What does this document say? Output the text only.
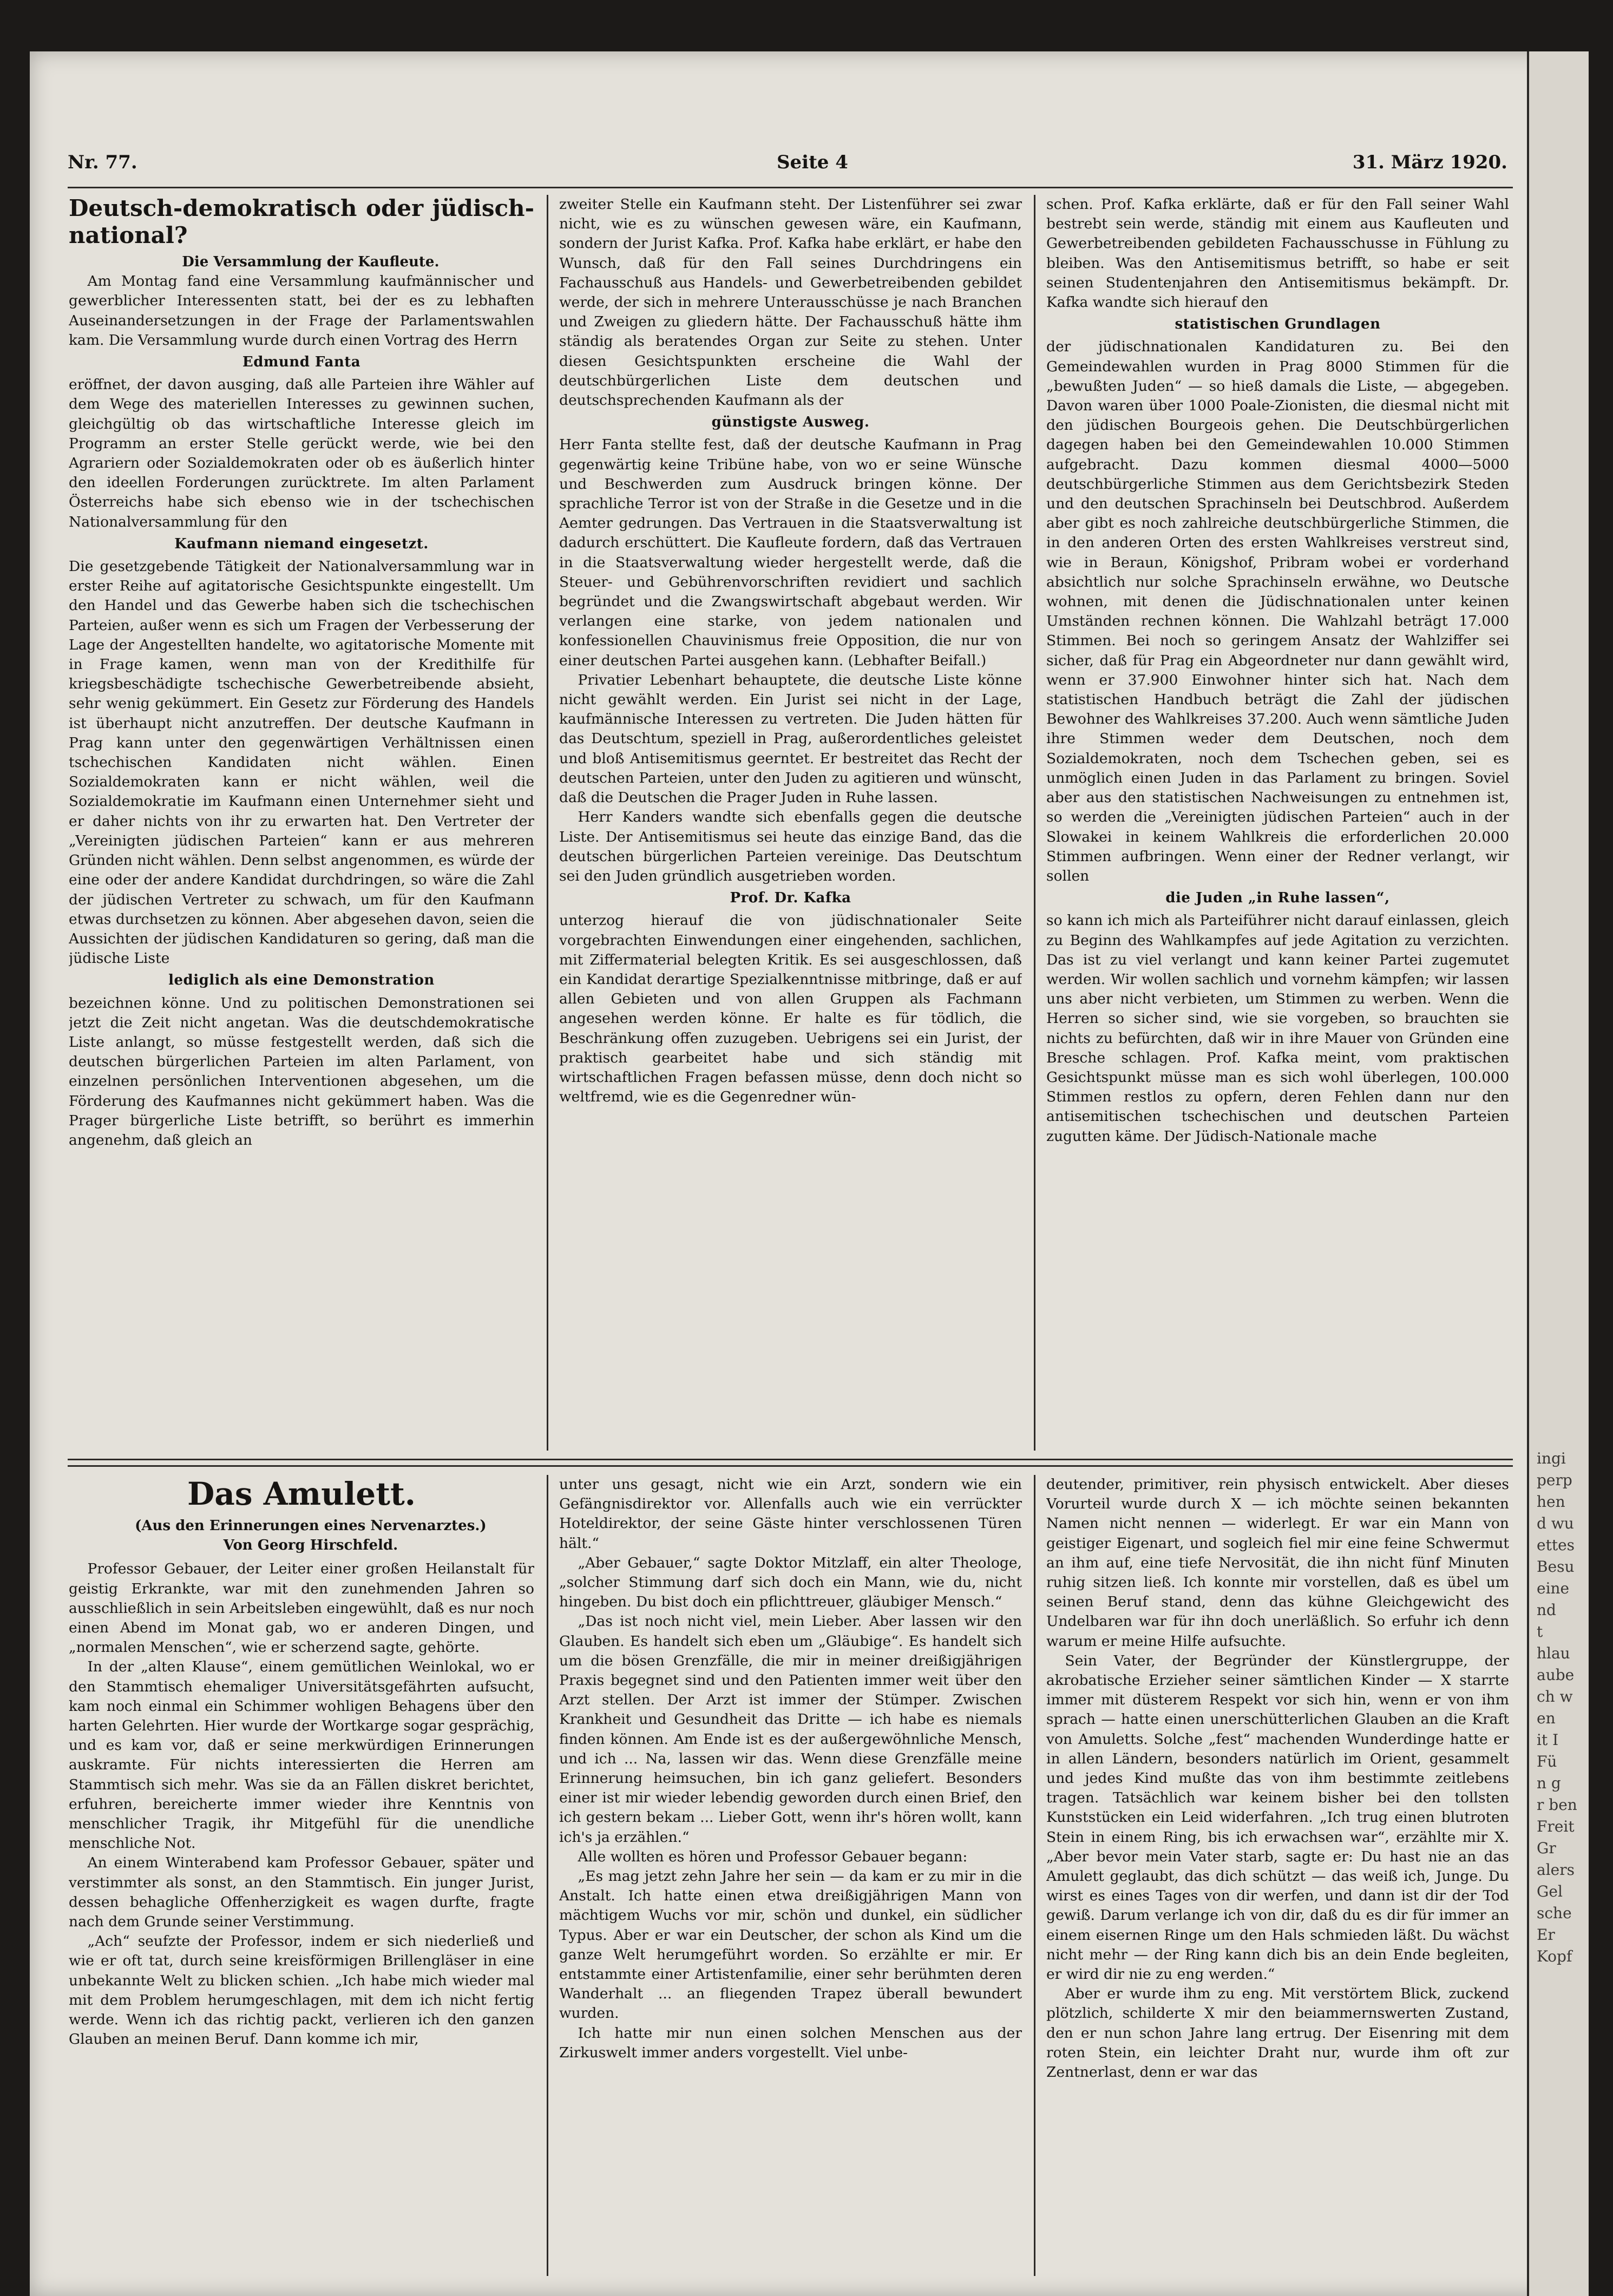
Nr. 77.	Seite 4	31. März 1920.
Deutsch-demokratisch oder jüdisch-national?

Die Versammlung der Kaufleute.

Am Montag fand eine Versammlung kaufmännischer und gewerblicher Interessenten statt, bei der es zu lebhaften Auseinandersetzungen in der Frage der Parlamentswahlen kam. Die Versammlung wurde durch einen Vortrag des Herrn

Edmund Fanta

eröffnet, der davon ausging, daß alle Parteien ihre Wähler auf dem Wege des materiellen Interesses zu gewinnen suchen, gleichgültig ob das wirtschaftliche Interesse gleich im Programm an erster Stelle gerückt werde, wie bei den Agrariern oder Sozialdemokraten oder ob es äußerlich hinter den ideellen Forderungen zurücktrete. Im alten Parlament Österreichs habe sich ebenso wie in der tschechischen Nationalversammlung für den

Kaufmann niemand eingesetzt.

Die gesetzgebende Tätigkeit der Nationalversammlung war in erster Reihe auf agitatorische Gesichtspunkte eingestellt. Um den Handel und das Gewerbe haben sich die tschechischen Parteien, außer wenn es sich um Fragen der Verbesserung der Lage der Angestellten handelte, wo agitatorische Momente mit in Frage kamen, wenn man von der Kredithilfe für kriegsbeschädigte tschechische Gewerbetreibende absieht, sehr wenig gekümmert. Ein Gesetz zur Förderung des Handels ist überhaupt nicht anzutreffen. Der deutsche Kaufmann in Prag kann unter den gegenwärtigen Verhältnissen einen tschechischen Kandidaten nicht wählen. Einen Sozialdemokraten kann er nicht wählen, weil die Sozialdemokratie im Kaufmann einen Unternehmer sieht und er daher nichts von ihr zu erwarten hat. Den Vertreter der „Vereinigten jüdischen Parteien“ kann er aus mehreren Gründen nicht wählen. Denn selbst angenommen, es würde der eine oder der andere Kandidat durchdringen, so wäre die Zahl der jüdischen Vertreter zu schwach, um für den Kaufmann etwas durchsetzen zu können. Aber abgesehen davon, seien die Aussichten der jüdischen Kandidaturen so gering, daß man die jüdische Liste

lediglich als eine Demonstration

bezeichnen könne. Und zu politischen Demonstrationen sei jetzt die Zeit nicht angetan. Was die deutschdemokratische Liste anlangt, so müsse festgestellt werden, daß sich die deutschen bürgerlichen Parteien im alten Parlament, von einzelnen persönlichen Interventionen abgesehen, um die Förderung des Kaufmannes nicht gekümmert haben. Was die Prager bürgerliche Liste betrifft, so berührt es immerhin angenehm, daß gleich an

zweiter Stelle ein Kaufmann steht. Der Listenführer sei zwar nicht, wie es zu wünschen gewesen wäre, ein Kaufmann, sondern der Jurist Kafka. Prof. Kafka habe erklärt, er habe den Wunsch, daß für den Fall seines Durchdringens ein Fachausschuß aus Handels- und Gewerbetreibenden gebildet werde, der sich in mehrere Unterausschüsse je nach Branchen und Zweigen zu gliedern hätte. Der Fachausschuß hätte ihm ständig als beratendes Organ zur Seite zu stehen. Unter diesen Gesichtspunkten erscheine die Wahl der deutschbürgerlichen Liste dem deutschen und deutschsprechenden Kaufmann als der

günstigste Ausweg.

Herr Fanta stellte fest, daß der deutsche Kaufmann in Prag gegenwärtig keine Tribüne habe, von wo er seine Wünsche und Beschwerden zum Ausdruck bringen könne. Der sprachliche Terror ist von der Straße in die Gesetze und in die Aemter gedrungen. Das Vertrauen in die Staatsverwaltung ist dadurch erschüttert. Die Kaufleute fordern, daß das Vertrauen in die Staatsverwaltung wieder hergestellt werde, daß die Steuer- und Gebührenvorschriften revidiert und sachlich begründet und die Zwangswirtschaft abgebaut werden. Wir verlangen eine starke, von jedem nationalen und konfessionellen Chauvinismus freie Opposition, die nur von einer deutschen Partei ausgehen kann. (Lebhafter Beifall.)

Privatier Lebenhart behauptete, die deutsche Liste könne nicht gewählt werden. Ein Jurist sei nicht in der Lage, kaufmännische Interessen zu vertreten. Die Juden hätten für das Deutschtum, speziell in Prag, außerordentliches geleistet und bloß Antisemitismus geerntet. Er bestreitet das Recht der deutschen Parteien, unter den Juden zu agitieren und wünscht, daß die Deutschen die Prager Juden in Ruhe lassen.

Herr Kanders wandte sich ebenfalls gegen die deutsche Liste. Der Antisemitismus sei heute das einzige Band, das die deutschen bürgerlichen Parteien vereinige. Das Deutschtum sei den Juden gründlich ausgetrieben worden.

Prof. Dr. Kafka

unterzog hierauf die von jüdischnationaler Seite vorgebrachten Einwendungen einer eingehenden, sachlichen, mit Ziffermaterial belegten Kritik. Es sei ausgeschlossen, daß ein Kandidat derartige Spezialkenntnisse mitbringe, daß er auf allen Gebieten und von allen Gruppen als Fachmann angesehen werden könne. Er halte es für tödlich, die Beschränkung offen zuzugeben. Uebrigens sei ein Jurist, der praktisch gearbeitet habe und sich ständig mit wirtschaftlichen Fragen befassen müsse, denn doch nicht so weltfremd, wie es die Gegenredner wün-

schen. Prof. Kafka erklärte, daß er für den Fall seiner Wahl bestrebt sein werde, ständig mit einem aus Kaufleuten und Gewerbetreibenden gebildeten Fachausschusse in Fühlung zu bleiben. Was den Antisemitismus betrifft, so habe er seit seinen Studentenjahren den Antisemitismus bekämpft. Dr. Kafka wandte sich hierauf den

statistischen Grundlagen

der jüdischnationalen Kandidaturen zu. Bei den Gemeindewahlen wurden in Prag 8000 Stimmen für die „bewußten Juden“ — so hieß damals die Liste, — abgegeben. Davon waren über 1000 Poale-Zionisten, die diesmal nicht mit den jüdischen Bourgeois gehen. Die Deutschbürgerlichen dagegen haben bei den Gemeindewahlen 10.000 Stimmen aufgebracht. Dazu kommen diesmal 4000—5000 deutschbürgerliche Stimmen aus dem Gerichtsbezirk Steden und den deutschen Sprachinseln bei Deutschbrod. Außerdem aber gibt es noch zahlreiche deutschbürgerliche Stimmen, die in den anderen Orten des ersten Wahlkreises verstreut sind, wie in Beraun, Königshof, Pribram wobei er vorderhand absichtlich nur solche Sprachinseln erwähne, wo Deutsche wohnen, mit denen die Jüdischnationalen unter keinen Umständen rechnen können. Die Wahlzahl beträgt 17.000 Stimmen. Bei noch so geringem Ansatz der Wahlziffer sei sicher, daß für Prag ein Abgeordneter nur dann gewählt wird, wenn er 37.900 Einwohner hinter sich hat. Nach dem statistischen Handbuch beträgt die Zahl der jüdischen Bewohner des Wahlkreises 37.200. Auch wenn sämtliche Juden ihre Stimmen weder dem Deutschen, noch dem Sozialdemokraten, noch dem Tschechen geben, sei es unmöglich einen Juden in das Parlament zu bringen. Soviel aber aus den statistischen Nachweisungen zu entnehmen ist, so werden die „Vereinigten jüdischen Parteien“ auch in der Slowakei in keinem Wahlkreis die erforderlichen 20.000 Stimmen aufbringen. Wenn einer der Redner verlangt, wir sollen

die Juden „in Ruhe lassen“,

so kann ich mich als Parteiführer nicht darauf einlassen, gleich zu Beginn des Wahlkampfes auf jede Agitation zu verzichten. Das ist zu viel verlangt und kann keiner Partei zugemutet werden. Wir wollen sachlich und vornehm kämpfen; wir lassen uns aber nicht verbieten, um Stimmen zu werben. Wenn die Herren so sicher sind, wie sie vorgeben, so brauchten sie nichts zu befürchten, daß wir in ihre Mauer von Gründen eine Bresche schlagen. Prof. Kafka meint, vom praktischen Gesichtspunkt müsse man es sich wohl überlegen, 100.000 Stimmen restlos zu opfern, deren Fehlen dann nur den antisemitischen tschechischen und deutschen Parteien zugutten käme. Der Jüdisch-Nationale mache

Das Amulett.

(Aus den Erinnerungen eines Nervenarztes.)

Von Georg Hirschfeld.

Professor Gebauer, der Leiter einer großen Heilanstalt für geistig Erkrankte, war mit den zunehmenden Jahren so ausschließlich in sein Arbeitsleben eingewühlt, daß es nur noch einen Abend im Monat gab, wo er anderen Dingen, und „normalen Menschen“, wie er scherzend sagte, gehörte.

In der „alten Klause“, einem gemütlichen Weinlokal, wo er den Stammtisch ehemaliger Universitätsgefährten aufsucht, kam noch einmal ein Schimmer wohligen Behagens über den harten Gelehrten. Hier wurde der Wortkarge sogar gesprächig, und es kam vor, daß er seine merkwürdigen Erinnerungen auskramte. Für nichts interessierten die Herren am Stammtisch sich mehr. Was sie da an Fällen diskret berichtet, erfuhren, bereicherte immer wieder ihre Kenntnis von menschlicher Tragik, ihr Mitgefühl für die unendliche menschliche Not.

An einem Winterabend kam Professor Gebauer, später und verstimmter als sonst, an den Stammtisch. Ein junger Jurist, dessen behagliche Offenherzigkeit es wagen durfte, fragte nach dem Grunde seiner Verstimmung.

„Ach“ seufzte der Professor, indem er sich niederließ und wie er oft tat, durch seine kreisförmigen Brillengläser in eine unbekannte Welt zu blicken schien. „Ich habe mich wieder mal mit dem Problem herumgeschlagen, mit dem ich nicht fertig werde. Wenn ich das richtig packt, verlieren ich den ganzen Glauben an meinen Beruf. Dann komme ich mir,

unter uns gesagt, nicht wie ein Arzt, sondern wie ein Gefängnisdirektor vor. Allenfalls auch wie ein verrückter Hoteldirektor, der seine Gäste hinter verschlossenen Türen hält.“

„Aber Gebauer,“ sagte Doktor Mitzlaff, ein alter Theologe, „solcher Stimmung darf sich doch ein Mann, wie du, nicht hingeben. Du bist doch ein pflichttreuer, gläubiger Mensch.“

„Das ist noch nicht viel, mein Lieber. Aber lassen wir den Glauben. Es handelt sich eben um „Gläubige“. Es handelt sich um die bösen Grenzfälle, die mir in meiner dreißigjährigen Praxis begegnet sind und den Patienten immer weit über den Arzt stellen. Der Arzt ist immer der Stümper. Zwischen Krankheit und Gesundheit das Dritte — ich habe es niemals finden können. Am Ende ist es der außergewöhnliche Mensch, und ich ... Na, lassen wir das. Wenn diese Grenzfälle meine Erinnerung heimsuchen, bin ich ganz geliefert. Besonders einer ist mir wieder lebendig geworden durch einen Brief, den ich gestern bekam ... Lieber Gott, wenn ihr's hören wollt, kann ich's ja erzählen.“

Alle wollten es hören und Professor Gebauer begann:

„Es mag jetzt zehn Jahre her sein — da kam er zu mir in die Anstalt. Ich hatte einen etwa dreißigjährigen Mann von mächtigem Wuchs vor mir, schön und dunkel, ein südlicher Typus. Aber er war ein Deutscher, der schon als Kind um die ganze Welt herumgeführt worden. So erzählte er mir. Er entstammte einer Artistenfamilie, einer sehr berühmten deren Wanderhalt ... an fliegenden Trapez überall bewundert wurden.

Ich hatte mir nun einen solchen Menschen aus der Zirkuswelt immer anders vorgestellt. Viel unbe-

deutender, primitiver, rein physisch entwickelt. Aber dieses Vorurteil wurde durch X — ich möchte seinen bekannten Namen nicht nennen — widerlegt. Er war ein Mann von geistiger Eigenart, und sogleich fiel mir eine feine Schwermut an ihm auf, eine tiefe Nervosität, die ihn nicht fünf Minuten ruhig sitzen ließ. Ich konnte mir vorstellen, daß es übel um seinen Beruf stand, denn das kühne Gleichgewicht des Undelbaren war für ihn doch unerläßlich. So erfuhr ich denn warum er meine Hilfe aufsuchte.

Sein Vater, der Begründer der Künstlergruppe, der akrobatische Erzieher seiner sämtlichen Kinder — X starrte immer mit düsterem Respekt vor sich hin, wenn er von ihm sprach — hatte einen unerschütterlichen Glauben an die Kraft von Amuletts. Solche „fest“ machenden Wunderdinge hatte er in allen Ländern, besonders natürlich im Orient, gesammelt und jedes Kind mußte das von ihm bestimmte zeitlebens tragen. Tatsächlich war keinem bisher bei den tollsten Kunststücken ein Leid widerfahren. „Ich trug einen blutroten Stein in einem Ring, bis ich erwachsen war“, erzählte mir X. „Aber bevor mein Vater starb, sagte er: Du hast nie an das Amulett geglaubt, das dich schützt — das weiß ich, Junge. Du wirst es eines Tages von dir werfen, und dann ist dir der Tod gewiß. Darum verlange ich von dir, daß du es dir für immer an einem eisernen Ringe um den Hals schmieden läßt. Du wächst nicht mehr — der Ring kann dich bis an dein Ende begleiten, er wird dir nie zu eng werden.“

Aber er wurde ihm zu eng. Mit verstörtem Blick, zuckend plötzlich, schilderte X mir den beiammernswerten Zustand, den er nun schon Jahre lang ertrug. Der Eisenring mit dem roten Stein, ein leichter Draht nur, wurde ihm oft zur Zentnerlast, denn er war das

ingi
perp
hen
d wu
ettes
Besu
eine
nd
t
hlau
aube
ch w
en
it I
Fü
n g
r ben
Freit
Gr
alers
Gel
sche
Er
Kopf
